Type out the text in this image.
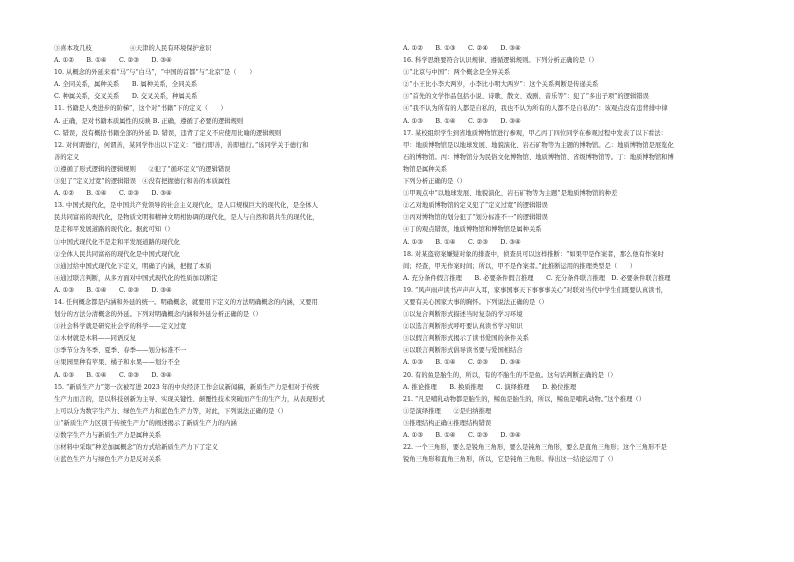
③喜本攻几枝　　　　　　④天津的人民有环境保护意识
A. ①②　　B. ①④　　C. ②③　　D. ③④
10. 从概念的外延来看“马”与“白马”，“中国的首都”与“北京”是（　　）
A. 全同关系，属种关系　　B. 属种关系，全同关系
C. 种属关系，交叉关系　　D. 交叉关系，种属关系
11. 书籍是人类进步的阶梯”，这个对“书籍”下的定义（　　）
A. 正确，是对书籍本质属性的反映 B. 正确，遵循了必要的逻辑规则
C. 错误，没有概括书籍全部的外延 D. 错误，违背了定义不应使用比喻的逻辑规则
12. 对何谓德行，何谓善，某同学作出以下定义：“德行即善，善即德行。”该同学关于德行和
善的定义
①遵循了形式逻辑的逻辑规则　　②犯了“循环定义”的逻辑错误
③犯了“定义过宽”的逻辑错误　④没有把握德行和善的本质属性
A. ①②　　B. ①④　　C. ②③　　D. ③④
13. 中国式现代化，是中国共产党领导的社会主义现代化，是人口规模巨大的现代化，是全体人
民共同富裕的现代化，是物质文明和精神文明相协调的现代化，是人与自然和谐共生的现代化，
是走和平发展道路的现代化。据此可知（）
①中国式现代化不是走和平发展道路的现代化
②全体人民共同富裕的现代化是中国式现代化
③通过给中国式现代化下定义，明确了内涵，把握了本质
④通过联言判断，从多方面对中国式现代化的性质加以断定
A. ①③　　B. ①④　　C. ②③　　D. ③④
14. 任何概念都是内涵和外延的统一。明确概念，就要用下定义的方法明确概念的内涵，又要用
划分的方法分清概念的外延。下列对明确概念内涵和外延分析正确的是（）
①社会科学就是研究社会学的科学——定义过宽
②木材就是木料——同语反复
③季节分为冬季、夏季、春季——划分标准不一
④果园里种有苹果、橘子和水果——划分不全
A. ①③　　B. ①④　　C. ②③　　D. ③④
15. “新质生产力”第一次被写进 2023 年的中央经济工作会议新闻稿，新质生产力是相对于传统
生产力而言的，是以科技创新为主导、实现关键性、颠覆性技术突破而产生的生产力，从表现形式
上可以分为数字生产力、绿色生产力和蓝色生产力等，对此，下列说法正确的是（）
①“新质生产力区别于传统生产力”的阐述揭示了新质生产力的内涵
②数字生产力与新质生产力是属种关系
③材料中采取“种差加属概念”的方式给新质生产力下了定义
④蓝色生产力与绿色生产力是反对关系
A. ①②　　B. ①③　　C. ②④　　D. ③④
16. 科学思维要符合认识规律、遵循逻辑规则。下列分析正确的是（）
①“北京与中国”：两个概念是全异关系
②“小王比小李大两岁，小李比小明大两岁”：这个关系判断是传递关系
③“首先的文学作品包括小说、诗歌、散文、戏剧、音乐等”：犯了“多出子项”的逻辑错误
④“我不认为所有的人都是自私的，我也不认为所有的人都不是自私的”：该观点没有违背排中律
A. ①③　　B. ①④　　C. ②③　　D. ③④
17. 某校组织学生到省地质博物馆进行参观，甲乙丙丁四位同学在参观过程中发表了以下看法：
甲：地质博物馆是以地球发展、地貌演化、岩石矿物等为主题的博物馆。乙：地质博物馆是展览化
石的博物馆。丙：博物馆分为民俗文化博物馆、地质博物馆、省级博物馆等。丁：地质博物馆和博
物馆是属种关系
下列分析正确的是（）
①甲观点中“以地球发展、地貌演化、岩石矿物等为主题”是地质博物馆的种差
②乙对地质博物馆的定义犯了“定义过宽”的逻辑错误
③丙对博物馆的划分犯了“划分标准不一”的逻辑错误
④丁的观点错误，地质博物馆和博物馆是属种关系
A. ①③　　B. ①④　　C. ②③　　D. ③④
18. 对某盗窃案嫌疑对象的排查中，侦查员可以这样推断：“如果甲是作案者，那么他有作案时
间；经查，甲无作案时间；所以，甲不是作案者。”此推断运用的推理类型是（　　）
A. 充分条件假言推理　　B. 必要条件假言推理　　C. 充分条件联言推理　D. 必要条件联言推理
19. “风声雨声读书声声声入耳，家事国事天下事事事关心”对联对当代中学生们既要认真读书，
又要有关心国家大事的胸怀。下列说法正确的是（）
①以复合判断形式描述当时复杂的学习环境
②以选言判断形式呼吁要认真读书学习知识
③以假言判断形式揭示了读书爱国的条件关系
④以联言判断形式倡导读书要与爱国相结合
A. ①③　　B. ①④　　C. ②③　　D. ③④
20. 有的鱼是胎生的，所以，有的不胎生的不是鱼。这句话判断正确的是（）
A. 推论推理　　B. 换质推理　　C. 演绎推理　　D. 换位推理
21. “凡是哺乳动物都是胎生的，鲸鱼是胎生的，所以，鲸鱼是哺乳动物。”这个推理（）
①是演绎推理　　②是归纳推理
③推理结构正确④推理结构错误
A. ①③　　B. ①④　　C. ②③　　D. ③④
22. 一个三角形，要么是锐角三角形，要么是钝角三角形，要么是直角三角形；这个三角形不是
锐角三角形和直角三角形，所以，它是钝角三角形。得出这一结论运用了（）
